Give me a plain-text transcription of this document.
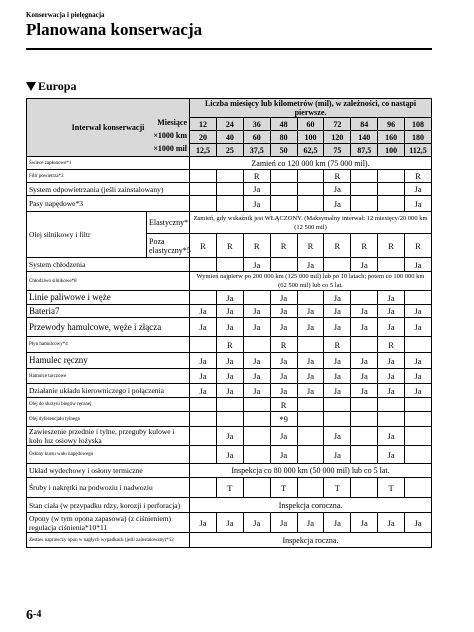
Konserwacja i pielęgnacja
Planowana konserwacja
Europa
Interwał konserwacji		Liczba miesięcy lub kilometrów (mil), w zależności, co nastąpi pierwsze.								

		Miesiące 12	24	36	48	60	72	84	96	108

		×1000 km 20	40	60	80	100	120	140	160	180

		×1000 mil 12,5	25	37,5	50	62,5	75	87,5	100	112,5
Świece zapłonowe*1		Zamień co 120 000 km (75 000 mil).								
Filtr powietrza*2				R			R			R
System odpowietrzania (jeśli zainstalowany)				Ja			Ja			Ja
Pasy napędowe*3				Ja			Ja			Ja
Olej silnikowy i filtr	Elastyczny*	Zamień, gdy wskaźnik jest WŁĄCZONY. (Maksymalny interwał: 12 miesięcy/20 000 km (12 500 mil)								
	Poza elastyczny*5	R	R	R	R	R	R	R	R	R
System chłodzenia				Ja		Ja		Ja		Ja
Chłodziwo silnikowe*8		Wymień najpierw po 200 000 km (125 000 mil) lub po 10 latach; potem co 100 000 km (62 500 mil) lub co 5 lat.								
Linie paliwowe i węże			Ja		Ja		Ja		Ja	
Bateria7		Ja	Ja	Ja	Ja	Ja	Ja	Ja	Ja	Ja
Przewody hamulcowe, węże i złącza		Ja	Ja	Ja	Ja	Ja	Ja	Ja	Ja	Ja
Płyn hamulcowy*4			R		R		R		R	
Hamulec ręczny		Ja	Ja	Ja	Ja	Ja	Ja	Ja	Ja	Ja
Hamulce tarczowe		Ja	Ja	Ja	Ja	Ja	Ja	Ja	Ja	Ja
Działanie układu kierowniczego i połączenia		Ja	Ja	Ja	Ja	Ja	Ja	Ja	Ja	Ja
Olej do skrzyni biegów ręcznej					R					
Olej dyferencjału tylnego					*9					
Zawieszenie przednie i tylne, przeguby kulowe i koło luz osiowy łożyska			Ja		Ja		Ja		Ja	
Osłony kursu wału napędowego			Ja		Ja		Ja		Ja	
Układ wydechowy i osłony termiczne		Inspekcja co 80 000 km (50 000 mil) lub co 5 lat.								
Śruby i nakrętki na podwoziu i nadwoziu			T		T		T		T	
Stan ciała (w przypadku rdzy, korozji i perforacja)		Inspekcja coroczna.								
Opony (w tym opona zapasowa) (z ciśnieniem) regulacja ciśnienia*10*11		Ja	Ja	Ja	Ja	Ja	Ja	Ja	Ja	Ja
Zestaw naprawczy opon w nagłych wypadkach (jeśli zainstalowany)*12		Inspekcja roczna.								
6-4
